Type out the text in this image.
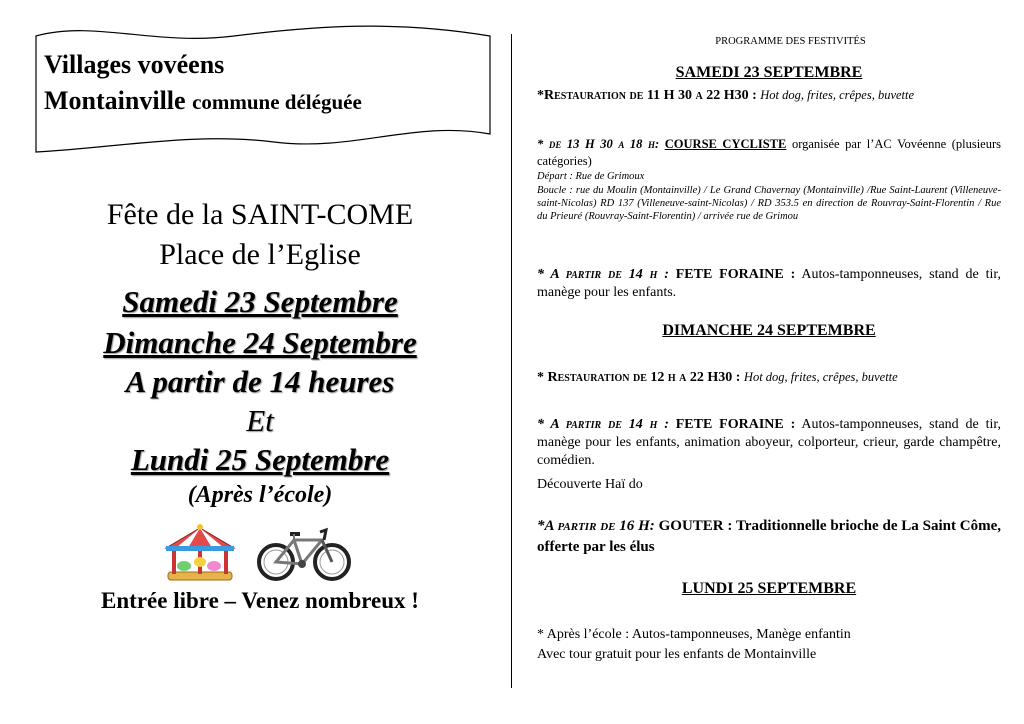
Villages vovéens
Montainville commune déléguée
Fête de la SAINT-COME
Place de l’Eglise
Samedi 23 Septembre
Dimanche 24 Septembre
A partir de 14 heures
Et
Lundi 25 Septembre
(Après l’école)
Entrée libre – Venez nombreux !
PROGRAMME DES FESTIVITÉS
SAMEDI 23 SEPTEMBRE
*Restauration de 11 H 30 a 22 H30 : Hot dog, frites, crêpes, buvette
* de 13 H 30 a 18 h: COURSE CYCLISTE organisée par l’AC Vovéenne (plusieurs catégories)
Départ : Rue de Grimoux
Boucle : rue du Moulin (Montainville) / Le Grand Chavernay (Montainville) /Rue Saint-Laurent (Villeneuve-saint-Nicolas) RD 137 (Villeneuve-saint-Nicolas) / RD 353.5 en direction de Rouvray-Saint-Florentin / Rue du Prieuré (Rouvray-Saint-Florentin) / arrivée rue de Grimou
* A partir de 14 h : FETE FORAINE : Autos-tamponneuses, stand de tir, manège pour les enfants.
DIMANCHE 24 SEPTEMBRE
* Restauration de 12 h a 22 H30 : Hot dog, frites, crêpes, buvette
* A partir de 14 h : FETE FORAINE : Autos-tamponneuses, stand de tir, manège pour les enfants, animation aboyeur, colporteur, crieur, garde champêtre, comédien.
Découverte Haï do
*A partir de 16 H: GOUTER : Traditionnelle brioche de La Saint Côme, offerte par les élus
LUNDI 25 SEPTEMBRE
* Après l’école : Autos-tamponneuses, Manège enfantin
Avec tour gratuit pour les enfants de Montainville
